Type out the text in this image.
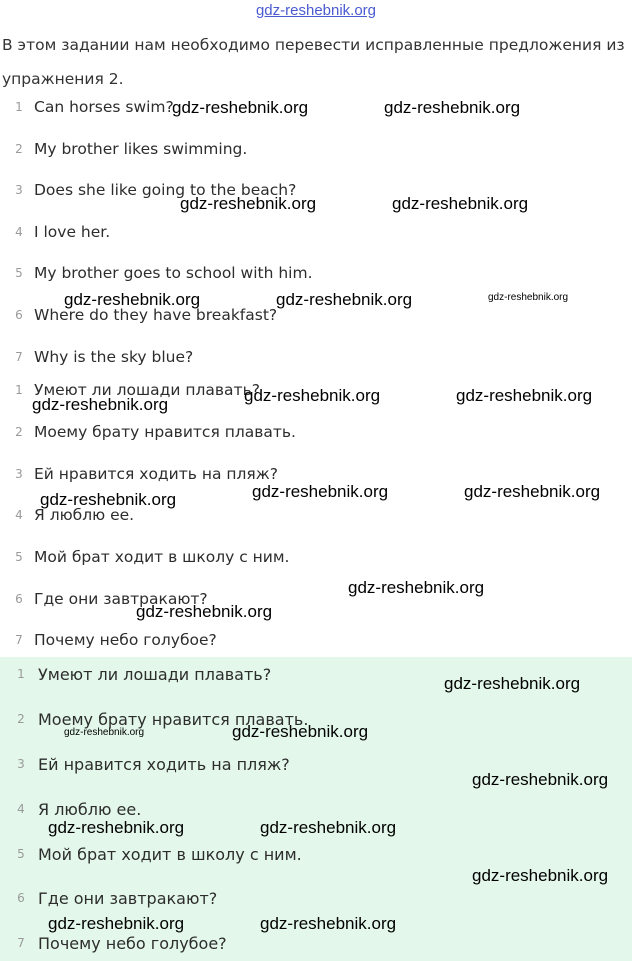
gdz-reshebnik.org
В этом задании нам необходимо перевести исправленные предложения из упражнения 2.
1 Can horses swim?
2 My brother likes swimming.
3 Does she like going to the beach?
4 I love her.
5 My brother goes to school with him.
6 Where do they have breakfast?
7 Why is the sky blue?
1 Умеют ли лошади плавать?
2 Моему брату нравится плавать.
3 Ей нравится ходить на пляж?
4 Я люблю ее.
5 Мой брат ходит в школу с ним.
6 Где они завтракают?
7 Почему небо голубое?
1 Умеют ли лошади плавать?
2 Моему брату нравится плавать.
3 Ей нравится ходить на пляж?
4 Я люблю ее.
5 Мой брат ходит в школу с ним.
6 Где они завтракают?
7 Почему небо голубое?
gdz-reshebnik.org	gdz-reshebnik.org
gdz-reshebnik.org	gdz-reshebnik.org
gdz-reshebnik.org	gdz-reshebnik.org	gdz-reshebnik.org
gdz-reshebnik.org	gdz-reshebnik.org
gdz-reshebnik.org
gdz-reshebnik.org	gdz-reshebnik.org
gdz-reshebnik.org
gdz-reshebnik.org
gdz-reshebnik.org
gdz-reshebnik.org
gdz-reshebnik.org	gdz-reshebnik.org
gdz-reshebnik.org
gdz-reshebnik.org	gdz-reshebnik.org
gdz-reshebnik.org
gdz-reshebnik.org	gdz-reshebnik.org
